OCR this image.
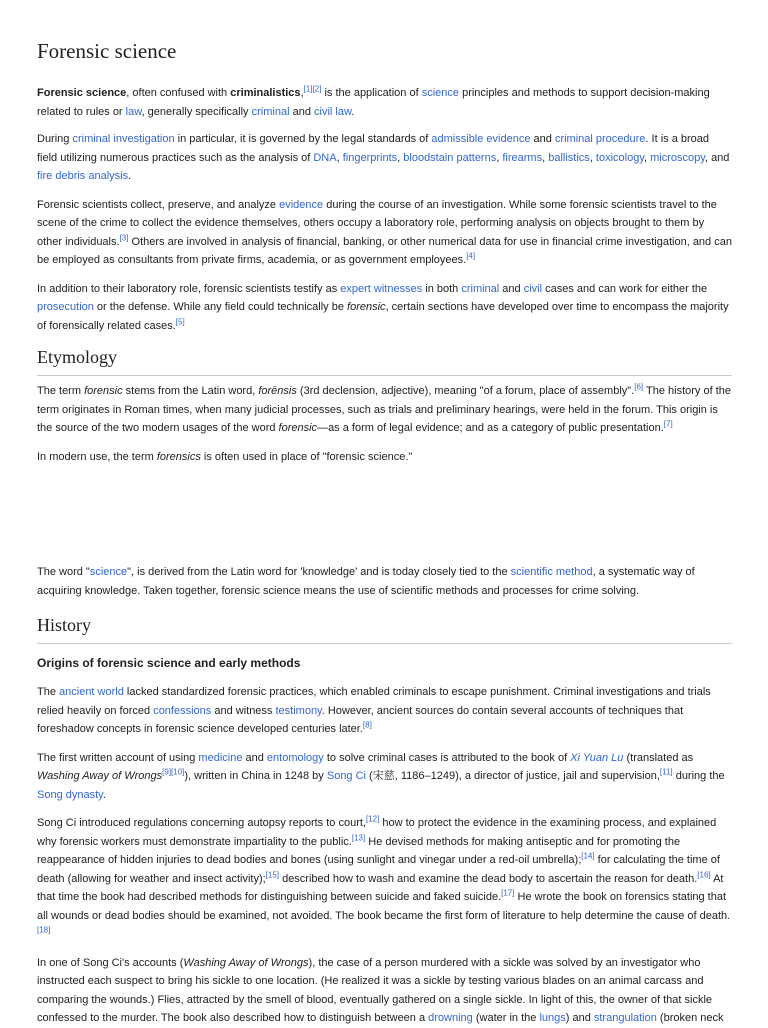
Forensic science

Forensic science, often confused with criminalistics,[1][2] is the application of science principles and methods to support decision-making related to rules or law, generally specifically criminal and civil law.

During criminal investigation in particular, it is governed by the legal standards of admissible evidence and criminal procedure. It is a broad field utilizing numerous practices such as the analysis of DNA, fingerprints, bloodstain patterns, firearms, ballistics, toxicology, microscopy, and fire debris analysis.

Forensic scientists collect, preserve, and analyze evidence during the course of an investigation. While some forensic scientists travel to the scene of the crime to collect the evidence themselves, others occupy a laboratory role, performing analysis on objects brought to them by other individuals.[3] Others are involved in analysis of financial, banking, or other numerical data for use in financial crime investigation, and can be employed as consultants from private firms, academia, or as government employees.[4]

In addition to their laboratory role, forensic scientists testify as expert witnesses in both criminal and civil cases and can work for either the prosecution or the defense. While any field could technically be forensic, certain sections have developed over time to encompass the majority of forensically related cases.[5]

Etymology

The term forensic stems from the Latin word, forēnsis (3rd declension, adjective), meaning "of a forum, place of assembly".[6] The history of the term originates in Roman times, when many judicial processes, such as trials and preliminary hearings, were held in the forum. This origin is the source of the two modern usages of the word forensic—as a form of legal evidence; and as a category of public presentation.[7]

In modern use, the term forensics is often used in place of "forensic science."

The word "science", is derived from the Latin word for 'knowledge' and is today closely tied to the scientific method, a systematic way of acquiring knowledge. Taken together, forensic science means the use of scientific methods and processes for crime solving.

History
Origins of forensic science and early methods

The ancient world lacked standardized forensic practices, which enabled criminals to escape punishment. Criminal investigations and trials relied heavily on forced confessions and witness testimony. However, ancient sources do contain several accounts of techniques that foreshadow concepts in forensic science developed centuries later.[8]

The first written account of using medicine and entomology to solve criminal cases is attributed to the book of Xi Yuan Lu (translated as Washing Away of Wrongs[9][10]), written in China in 1248 by Song Ci (宋慈, 1186–1249), a director of justice, jail and supervision,[11] during the Song dynasty.

Song Ci introduced regulations concerning autopsy reports to court,[12] how to protect the evidence in the examining process, and explained why forensic workers must demonstrate impartiality to the public.[13] He devised methods for making antiseptic and for promoting the reappearance of hidden injuries to dead bodies and bones (using sunlight and vinegar under a red-oil umbrella);[14] for calculating the time of death (allowing for weather and insect activity);[15] described how to wash and examine the dead body to ascertain the reason for death.[16] At that time the book had described methods for distinguishing between suicide and faked suicide.[17] He wrote the book on forensics stating that all wounds or dead bodies should be examined, not avoided. The book became the first form of literature to help determine the cause of death.[18]

In one of Song Ci's accounts (Washing Away of Wrongs), the case of a person murdered with a sickle was solved by an investigator who instructed each suspect to bring his sickle to one location. (He realized it was a sickle by testing various blades on an animal carcass and comparing the wounds.) Flies, attracted by the smell of blood, eventually gathered on a single sickle. In light of this, the owner of that sickle confessed to the murder. The book also described how to distinguish between a drowning (water in the lungs) and strangulation (broken neck
